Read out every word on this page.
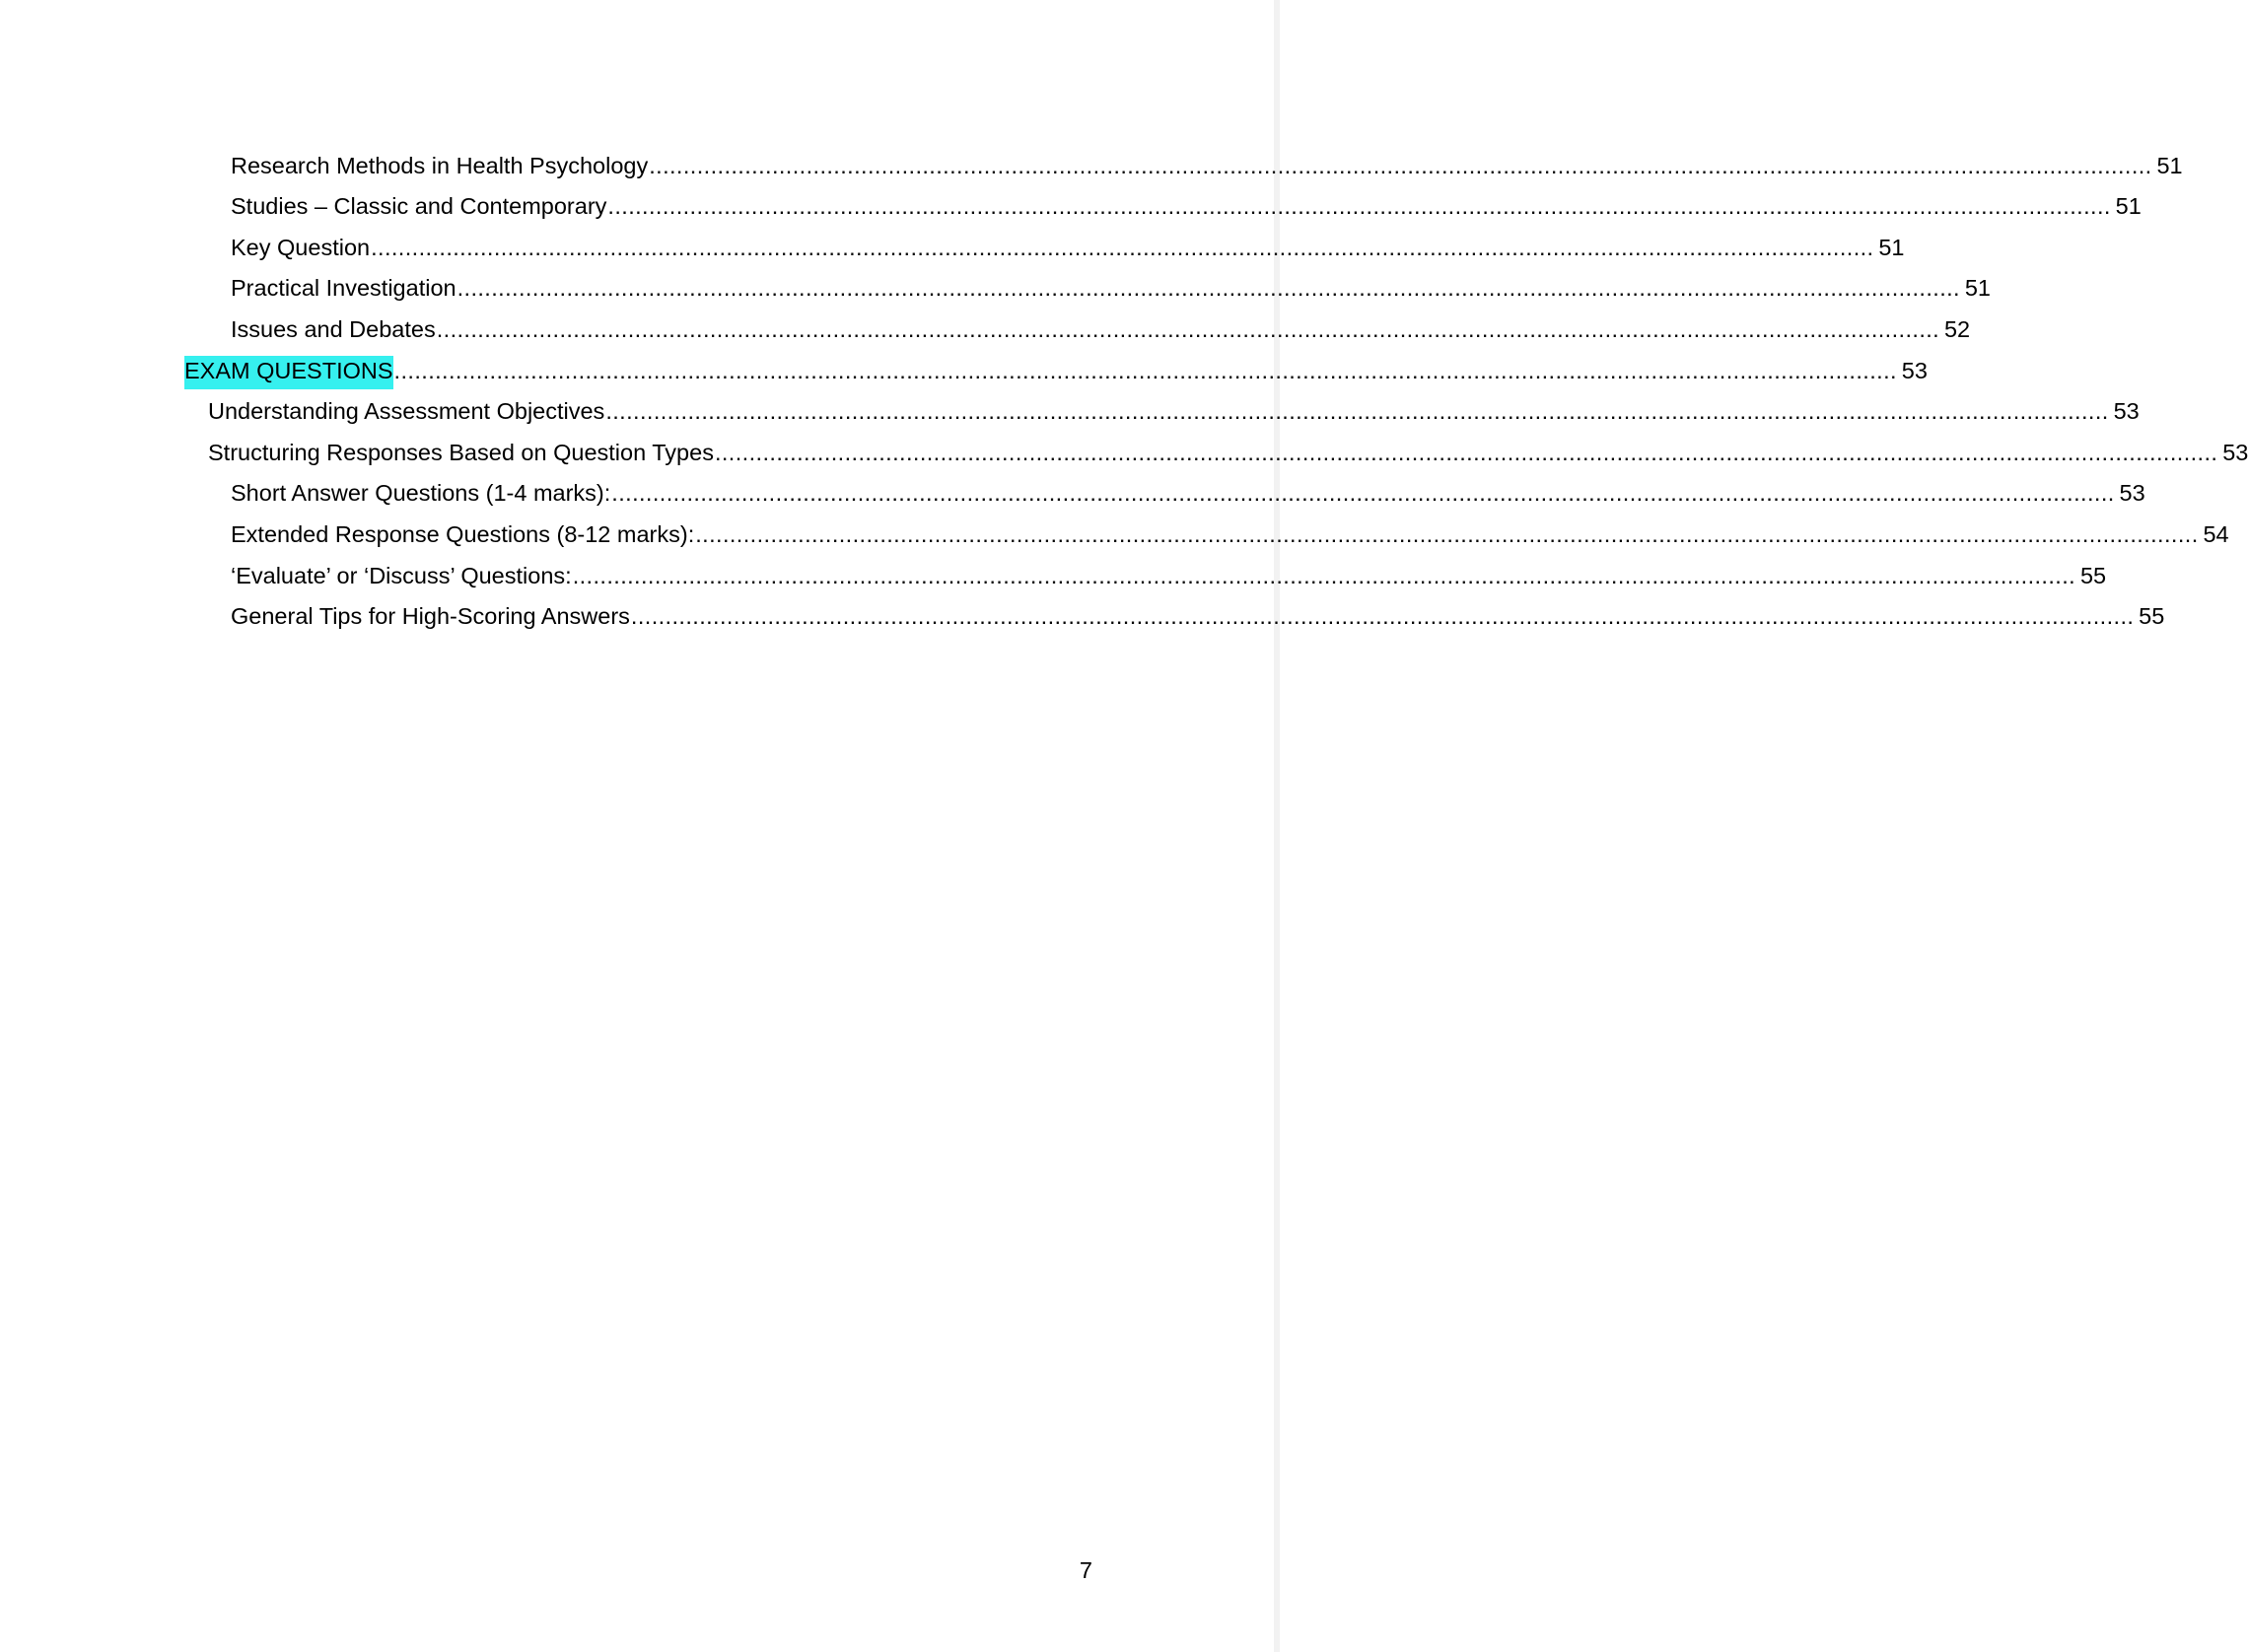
Research Methods in Health Psychology ............................................................................................................................................................................................................................ 51
Studies – Classic and Contemporary ............................................................................................................................................................................................................................ 51
Key Question ............................................................................................................................................................................................................................ 51
Practical Investigation ............................................................................................................................................................................................................................ 51
Issues and Debates ............................................................................................................................................................................................................................ 52
EXAM QUESTIONS ............................................................................................................................................................................................................................ 53
Understanding Assessment Objectives ............................................................................................................................................................................................................................ 53
Structuring Responses Based on Question Types ............................................................................................................................................................................................................................ 53
Short Answer Questions (1-4 marks): ............................................................................................................................................................................................................................ 53
Extended Response Questions (8-12 marks): ............................................................................................................................................................................................................................ 54
‘Evaluate’ or ‘Discuss’ Questions: ............................................................................................................................................................................................................................ 55
General Tips for High-Scoring Answers ............................................................................................................................................................................................................................ 55
7
